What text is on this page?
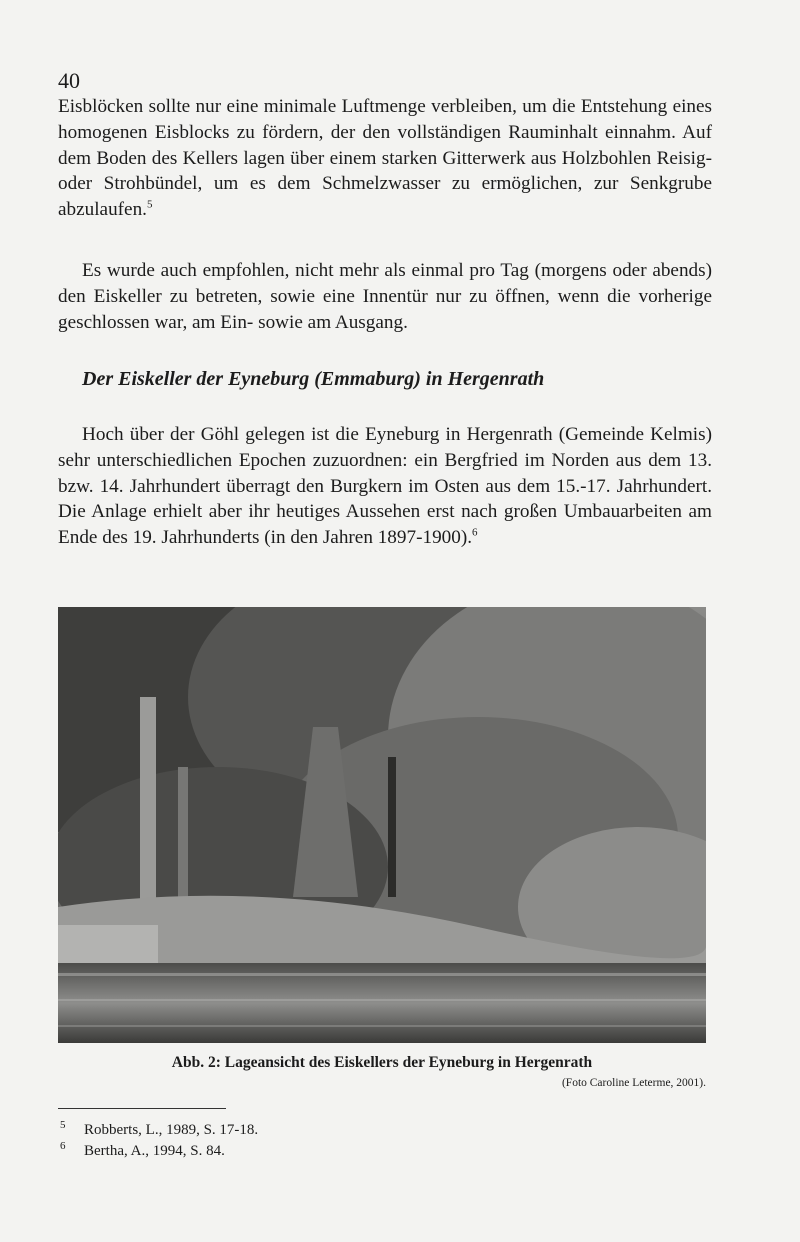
40

Eisblöcken sollte nur eine minimale Luftmenge verbleiben, um die Entstehung eines homogenen Eisblocks zu fördern, der den vollständigen Rauminhalt einnahm. Auf dem Boden des Kellers lagen über einem starken Gitterwerk aus Holzbohlen Reisig- oder Strohbündel, um es dem Schmelzwasser zu ermöglichen, zur Senkgrube abzulaufen.$^5$

Es wurde auch empfohlen, nicht mehr als einmal pro Tag (morgens oder abends) den Eiskeller zu betreten, sowie eine Innentür nur zu öffnen, wenn die vorherige geschlossen war, am Ein- sowie am Ausgang.

Der Eiskeller der Eyneburg (Emmaburg) in Hergenrath

Hoch über der Göhl gelegen ist die Eyneburg in Hergenrath (Gemeinde Kelmis) sehr unterschiedlichen Epochen zuzuordnen: ein Bergfried im Norden aus dem 13. bzw. 14. Jahrhundert überragt den Burgkern im Osten aus dem 15.-17. Jahrhundert. Die Anlage erhielt aber ihr heutiges Aussehen erst nach großen Umbauarbeiten am Ende des 19. Jahrhunderts (in den Jahren 1897-1900).$^6$

Abb. 2: Lageansicht des Eiskellers der Eyneburg in Hergenrath
(Foto Caroline Leterme, 2001).
5 Robberts, L., 1989, S. 17-18.
6 Bertha, A., 1994, S. 84.
